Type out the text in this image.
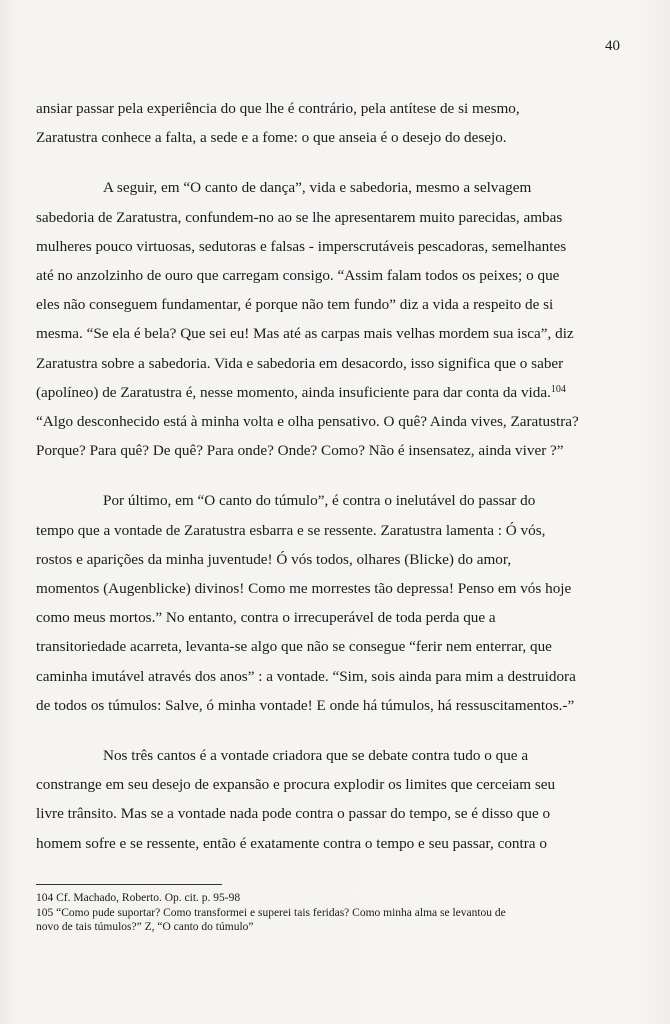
40

ansiar passar pela experiência do que lhe é contrário, pela antítese de si mesmo,
Zaratustra conhece a falta, a sede e a fome: o que anseia é o desejo do desejo.

A seguir, em “O canto de dança”, vida e sabedoria, mesmo a selvagem
sabedoria de Zaratustra, confundem-no ao se lhe apresentarem muito parecidas, ambas
mulheres pouco virtuosas, sedutoras e falsas - imperscrutáveis pescadoras, semelhantes
até no anzolzinho de ouro que carregam consigo. “Assim falam todos os peixes; o que
eles não conseguem fundamentar, é porque não tem fundo” diz a vida a respeito de si
mesma. “Se ela é bela? Que sei eu! Mas até as carpas mais velhas mordem sua isca”, diz
Zaratustra sobre a sabedoria. Vida e sabedoria em desacordo, isso significa que o saber
(apolíneo) de Zaratustra é, nesse momento, ainda insuficiente para dar conta da vida.$^{104}$
“Algo desconhecido está à minha volta e olha pensativo. O quê? Ainda vives, Zaratustra?
Porque? Para quê? De quê? Para onde? Onde? Como? Não é insensatez, ainda viver ?”

Por último, em “O canto do túmulo”, é contra o inelutável do passar do
tempo que a vontade de Zaratustra esbarra e se ressente. Zaratustra lamenta : Ó vós,
rostos e aparições da minha juventude! Ó vós todos, olhares (Blicke) do amor,
momentos (Augenblicke) divinos! Como me morrestes tão depressa! Penso em vós hoje
como meus mortos.” No entanto, contra o irrecuperável de toda perda que a
transitoriedade acarreta, levanta-se algo que não se consegue “ferir nem enterrar, que
caminha imutável através dos anos” : a vontade. “Sim, sois ainda para mim a destruidora
de todos os túmulos: Salve, ó minha vontade! E onde há túmulos, há ressuscitamentos.-”

Nos três cantos é a vontade criadora que se debate contra tudo o que a
constrange em seu desejo de expansão e procura explodir os limites que cerceiam seu
livre trânsito. Mas se a vontade nada pode contra o passar do tempo, se é disso que o
homem sofre e se ressente, então é exatamente contra o tempo e seu passar, contra o

104 Cf. Machado, Roberto. Op. cit. p. 95-98
105 “Como pude suportar? Como transformei e superei tais feridas? Como minha alma se levantou de
novo de tais túmulos?” Z, “O canto do túmulo”
